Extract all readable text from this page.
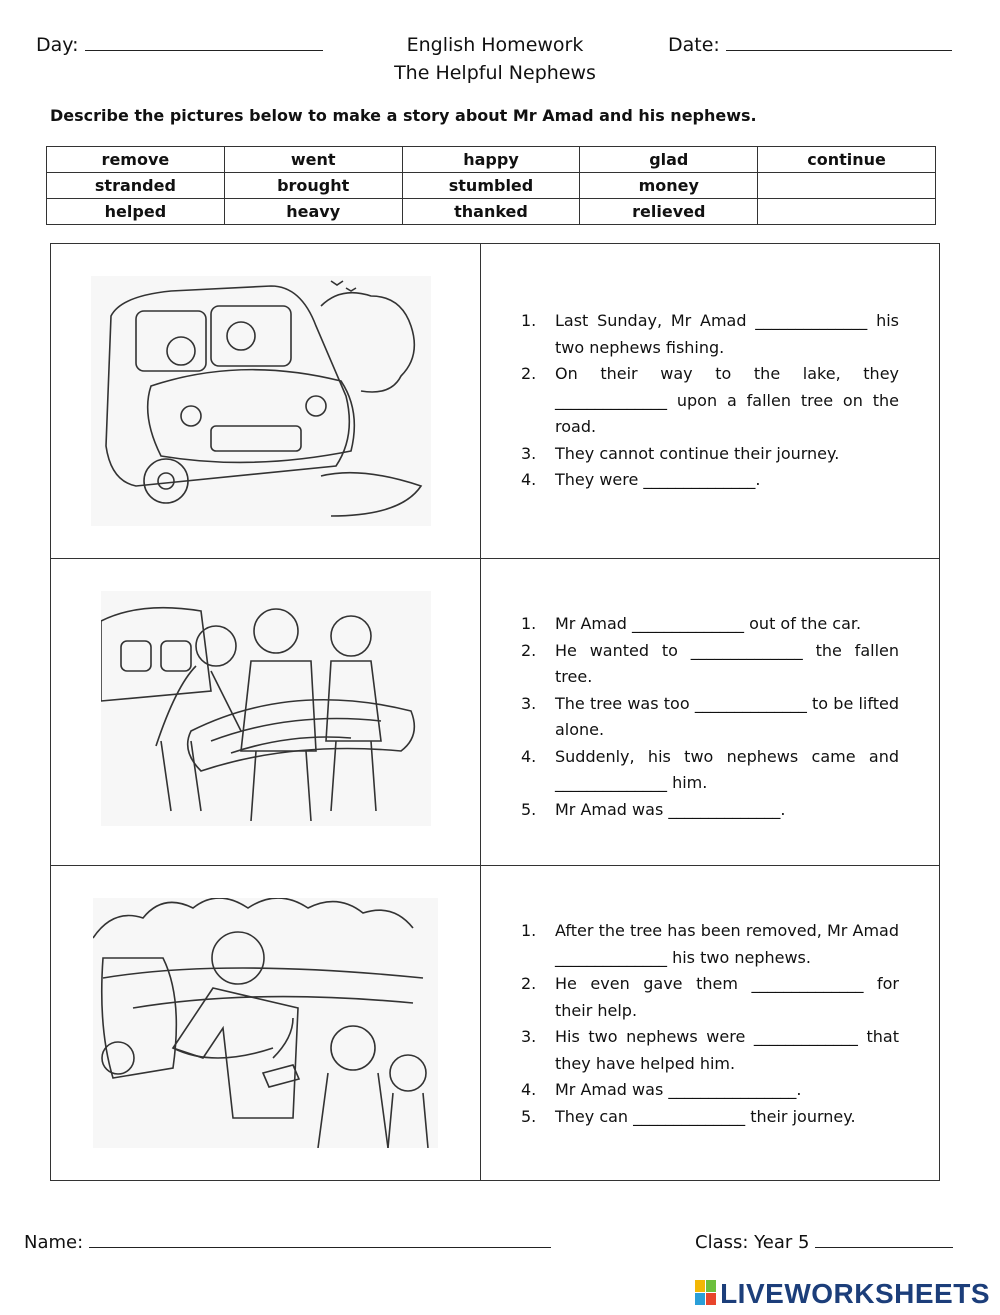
Day:	English Homework	Date:
The Helpful Nephews
Describe the pictures below to make a story about Mr Amad and his nephews.
remove	went	happy	glad	continue
stranded	brought	stumbled	money	
helped	heavy	thanked	relieved	
1. Last Sunday, Mr Amad ______________ his two nephews fishing.
2. On their way to the lake, they ______________ upon a fallen tree on the road.
3. They cannot continue their journey.
4. They were ______________.
1. Mr Amad ______________ out of the car.
2. He wanted to ______________ the fallen tree.
3. The tree was too ______________ to be lifted alone.
4. Suddenly, his two nephews came and ______________ him.
5. Mr Amad was ______________.
1. After the tree has been removed, Mr Amad ______________ his two nephews.
2. He even gave them ______________ for their help.
3. His two nephews were _____________ that they have helped him.
4. Mr Amad was ________________.
5. They can ______________ their journey.
Name:	Class: Year 5
LIVEWORKSHEETS
